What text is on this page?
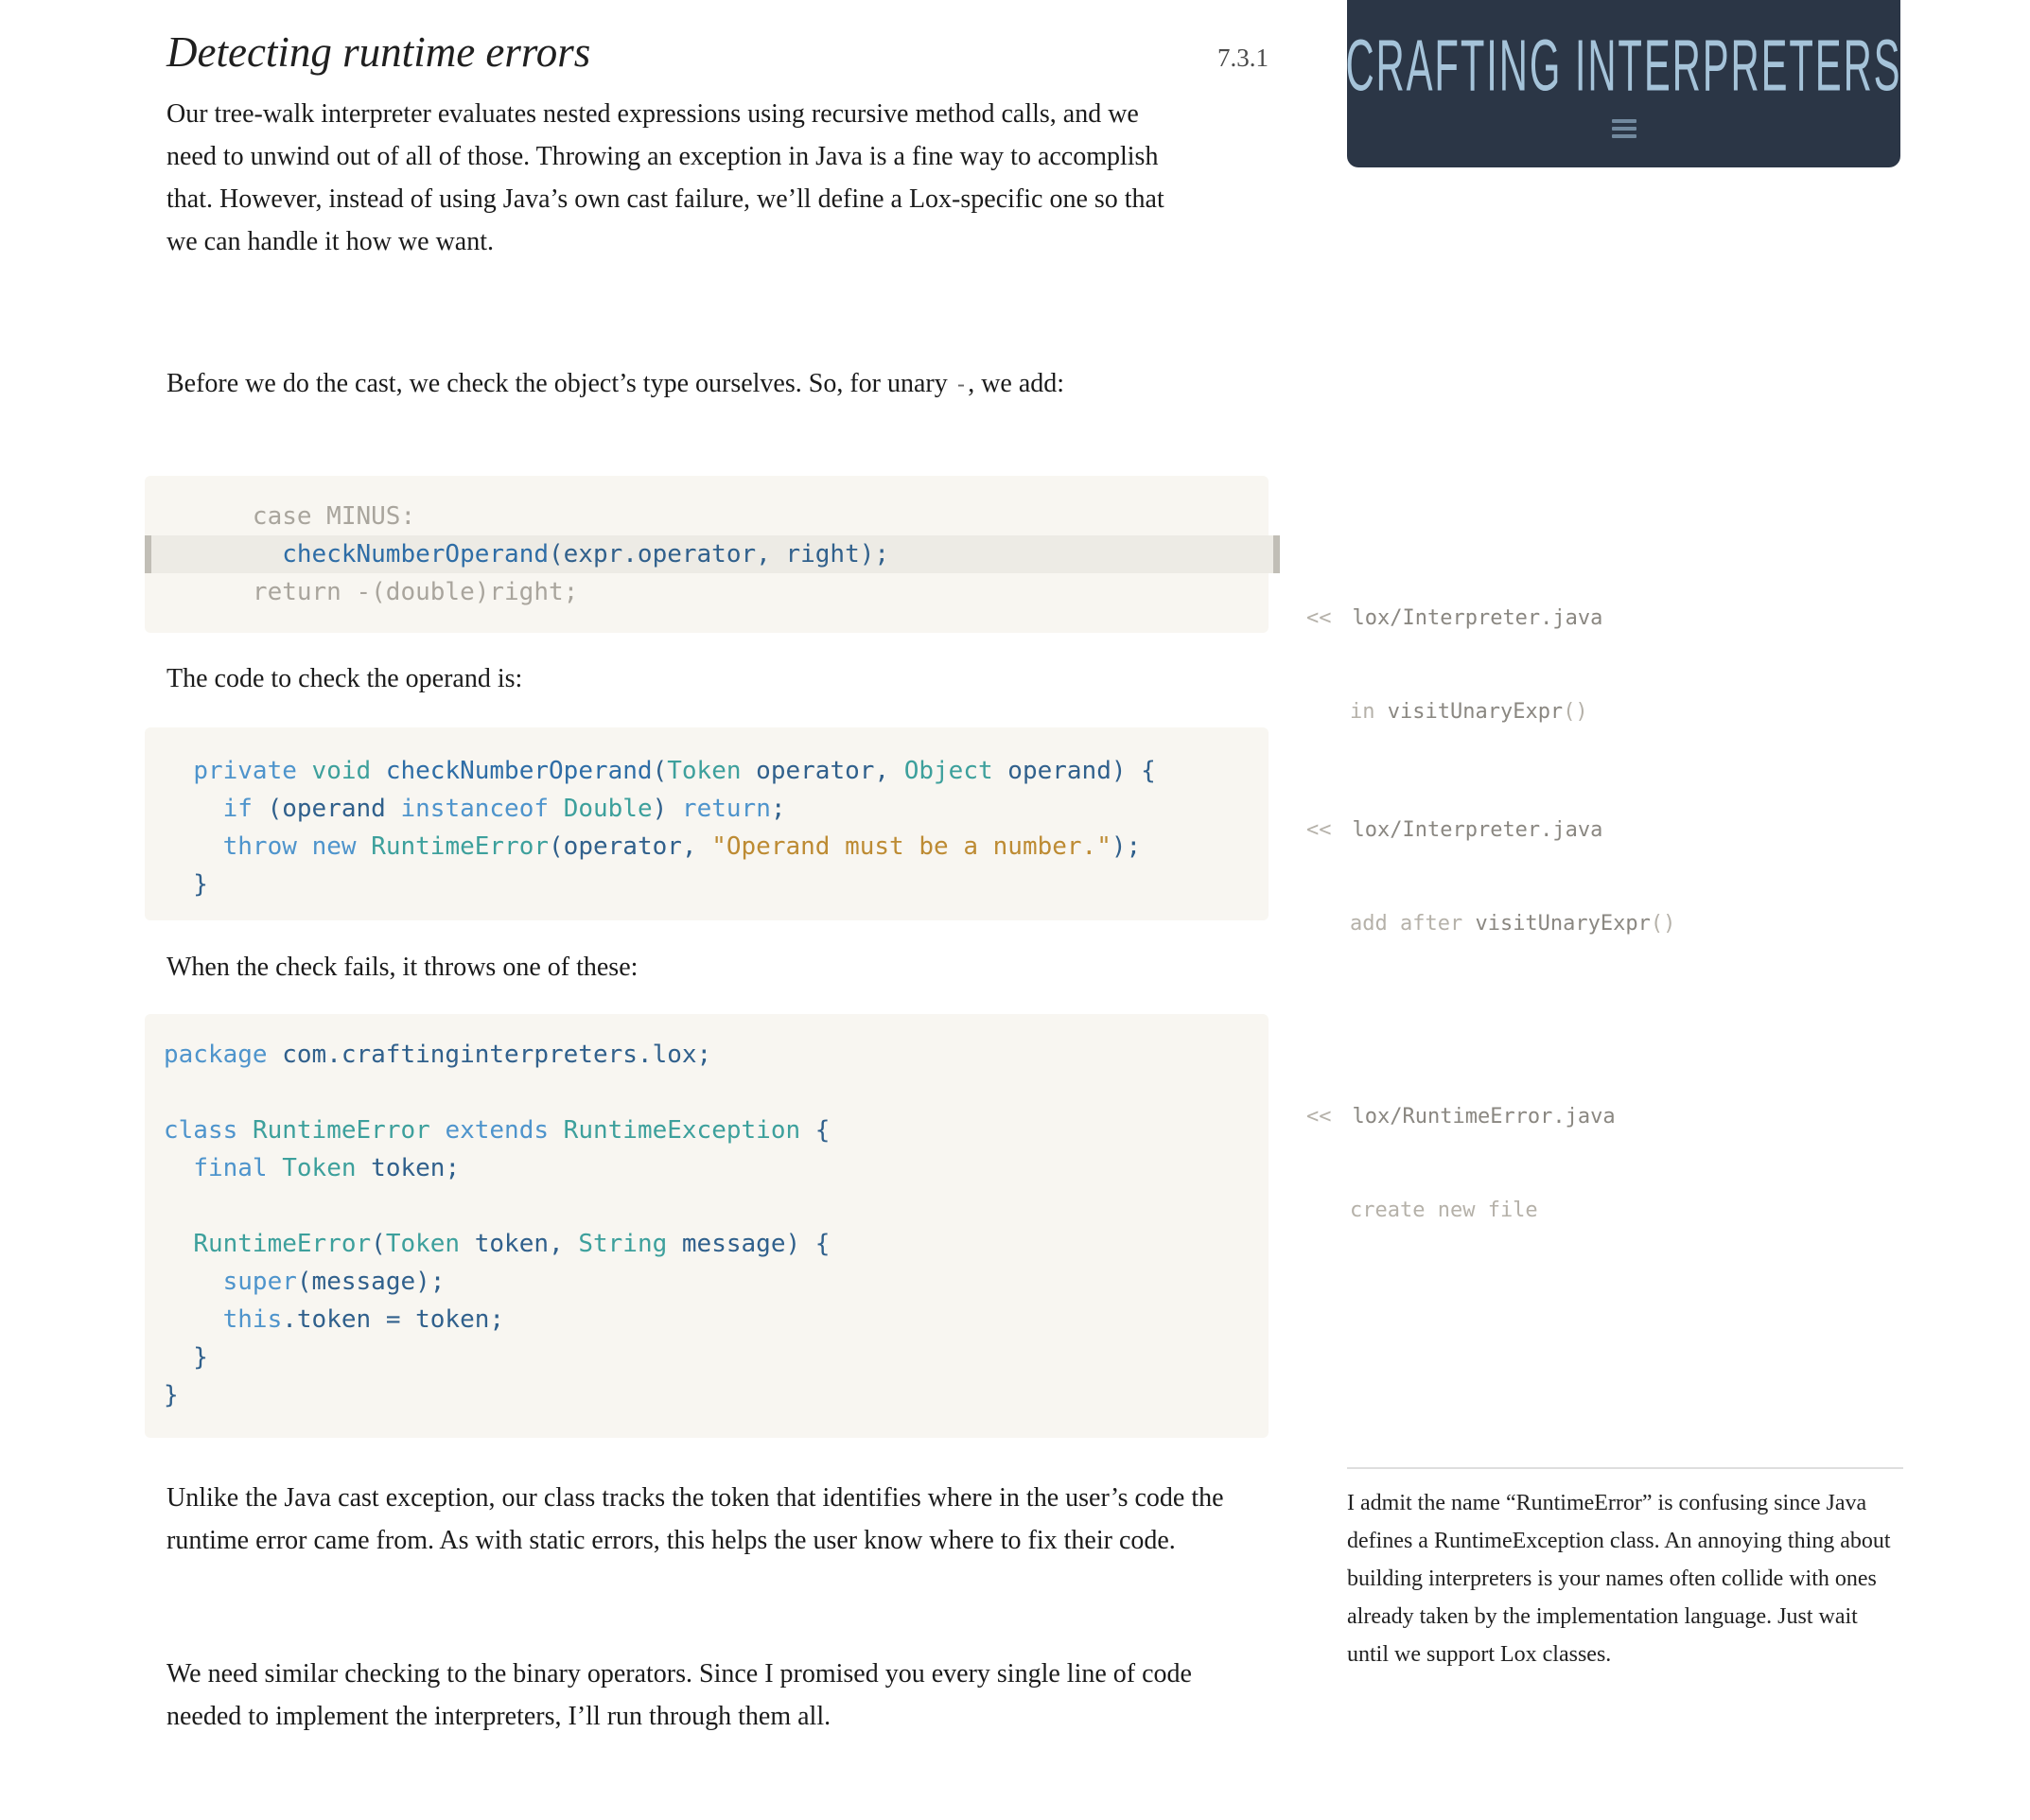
Detecting runtime errors	7.3.1 CRAFTING INTERPRETERS

Our tree-walk interpreter evaluates nested expressions using recursive method calls, and we need to unwind out of all of those. Throwing an exception in Java is a fine way to accomplish that. However, instead of using Java’s own cast failure, we’ll define a Lox-specific one so that we can handle it how we want.

Before we do the cast, we check the object’s type ourselves. So, for unary -, we add:

case MINUS:
checkNumberOperand(expr.operator, right);
return -(double)right;

<< lox/Interpreter.java

in visitUnaryExpr()

The code to check the operand is:

private void checkNumberOperand(Token operator, Object operand) {
if (operand instanceof Double) return;
throw new RuntimeError(operator, "Operand must be a number.");
}

<< lox/Interpreter.java

add after visitUnaryExpr()

When the check fails, it throws one of these:

package com.craftinginterpreters.lox;

class RuntimeError extends RuntimeException {
final Token token;

RuntimeError(Token token, String message) {
super(message);
this.token = token;
}
}

<< lox/RuntimeError.java

create new file

Unlike the Java cast exception, our class tracks the token that identifies where in the user’s code the runtime error came from. As with static errors, this helps the user know where to fix their code.

We need similar checking to the binary operators. Since I promised you every single line of code needed to implement the interpreters, I’ll run through them all.

I admit the name “RuntimeError” is confusing since Java defines a RuntimeException class. An annoying thing about building interpreters is your names often collide with ones already taken by the implementation language. Just wait until we support Lox classes.
